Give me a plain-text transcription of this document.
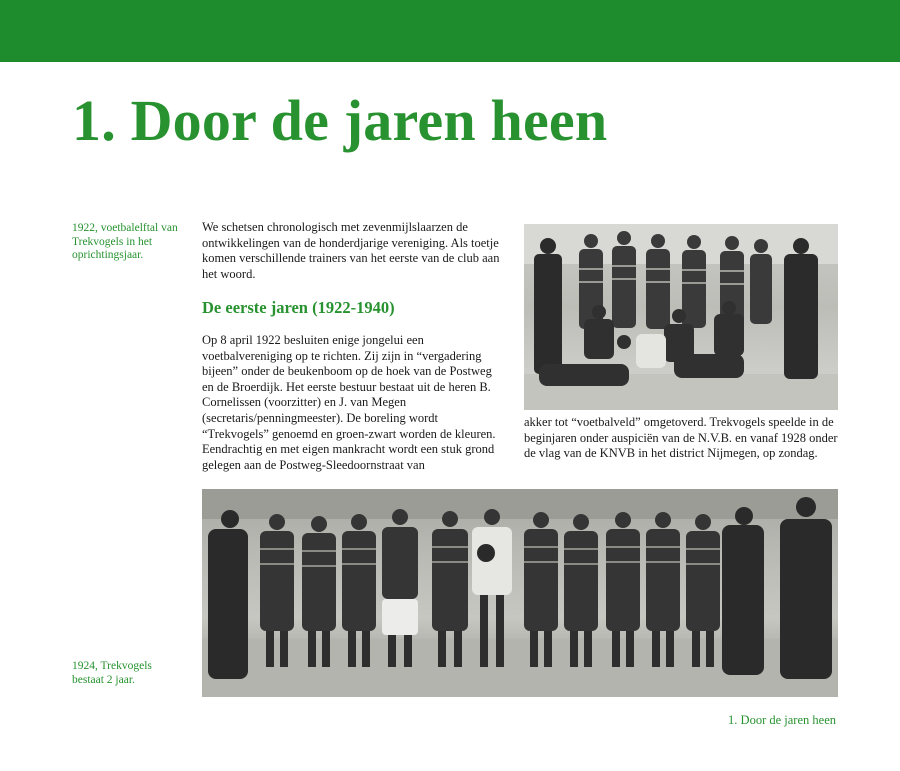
1. Door de jaren heen
1922, voetbalelftal van Trekvogels in het oprichtingsjaar.

We schetsen chronologisch met zevenmijlslaarzen de ontwikkelingen van de honderdjarige vereniging. Als toetje komen verschillende trainers van het eerste van de club aan het woord.

De eerste jaren (1922-1940)

Op 8 april 1922 besluiten enige jongelui een voetbalvereniging op te richten. Zij zijn in “vergadering bijeen” onder de beukenboom op de hoek van de Postweg en de Broerdijk. Het eerste bestuur bestaat uit de heren B. Cornelissen (voorzitter) en J. van Megen (secretaris/penningmeester). De boreling wordt “Trekvogels” genoemd en groen-zwart worden de kleuren. Eendrachtig en met eigen mankracht wordt een stuk grond gelegen aan de Postweg-Sleedoornstraat van

akker tot “voetbalveld” omgetoverd. Trekvogels speelde in de beginjaren onder auspiciën van de N.V.B. en vanaf 1928 onder de vlag van de KNVB in het district Nijmegen, op zondag.

1924, Trekvogels bestaat 2 jaar.
1. Door de jaren heen
